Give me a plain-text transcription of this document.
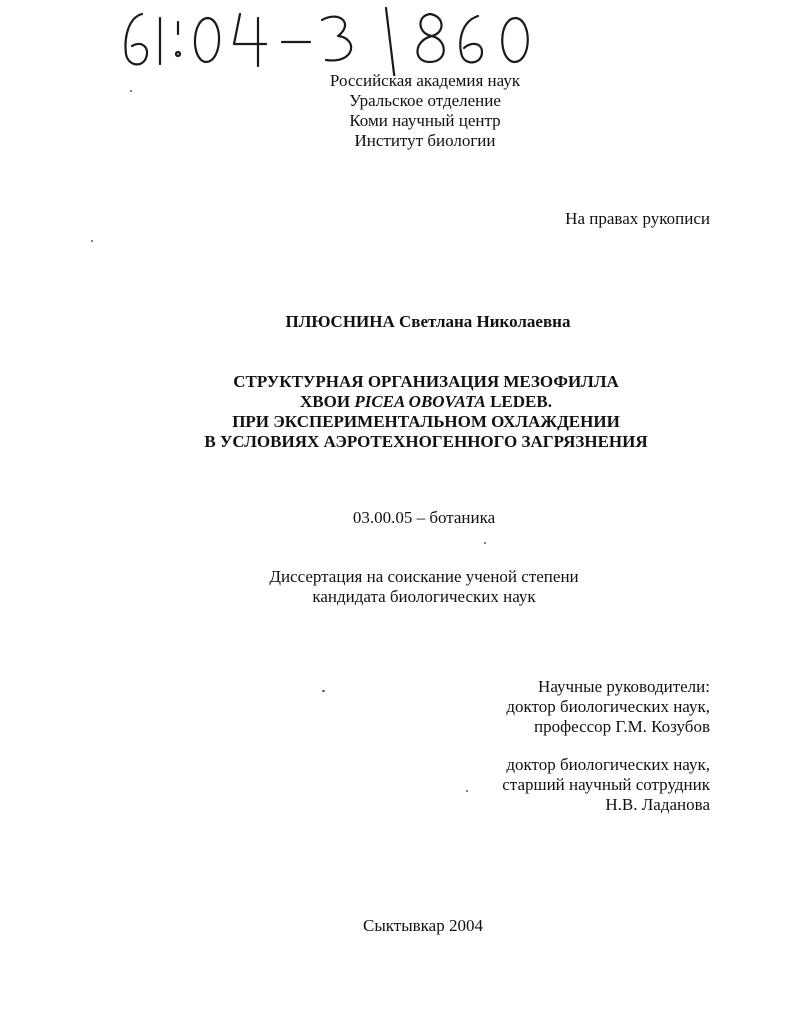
61:04-3/860	Российская академия наук
Уральское отделение
Коми научный центр
Институт биологии
На правах рукописи
ПЛЮСНИНА Светлана Николаевна
СТРУКТУРНАЯ ОРГАНИЗАЦИЯ МЕЗОФИЛЛА
ХВОИ PICEA OBOVATA LEDEB.
ПРИ ЭКСПЕРИМЕНТАЛЬНОМ ОХЛАЖДЕНИИ
В УСЛОВИЯХ АЭРОТЕХНОГЕННОГО ЗАГРЯЗНЕНИЯ
03.00.05 – ботаника
Диссертация на соискание ученой степени
кандидата биологических наук
Научные руководители:
доктор биологических наук,
профессор Г.М. Козубов
доктор биологических наук,
старший научный сотрудник
Н.В. Ладанова
Сыктывкар 2004
